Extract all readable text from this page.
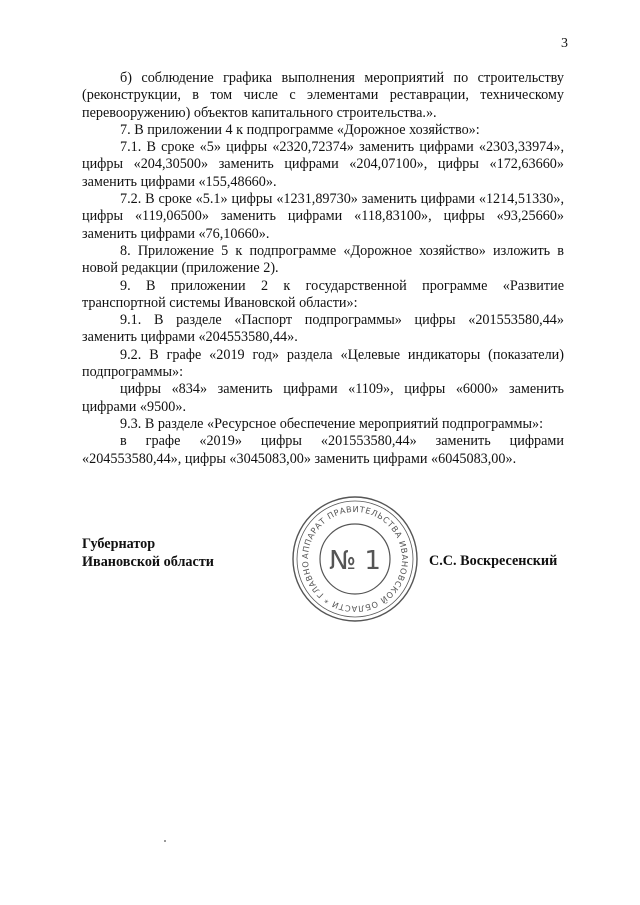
3

б) соблюдение графика выполнения мероприятий по строительству (реконструкции, в том числе с элементами реставрации, техническому перевооружению) объектов капитального строительства.».

7. В приложении 4 к подпрограмме «Дорожное хозяйство»:

7.1. В сроке «5» цифры «2320,72374» заменить цифрами «2303,33974», цифры «204,30500» заменить цифрами «204,07100», цифры «172,63660» заменить цифрами «155,48660».

7.2. В сроке «5.1» цифры «1231,89730» заменить цифрами «1214,51330», цифры «119,06500» заменить цифрами «118,83100», цифры «93,25660» заменить цифрами «76,10660».

8. Приложение 5 к подпрограмме «Дорожное хозяйство» изложить в новой редакции (приложение 2).

9. В приложении 2 к государственной программе «Развитие транспортной системы Ивановской области»:

9.1. В разделе «Паспорт подпрограммы» цифры «201553580,44» заменить цифрами «204553580,44».

9.2. В графе «2019 год» раздела «Целевые индикаторы (показатели) подпрограммы»:

цифры «834» заменить цифрами «1109», цифры «6000» заменить цифрами «9500».

9.3. В разделе «Ресурсное обеспечение мероприятий подпрограммы»:

в графе «2019» цифры «201553580,44» заменить цифрами «204553580,44», цифры «3045083,00» заменить цифрами «6045083,00».

Губернатор
Ивановской области	АППАРАТ ПРАВИТЕЛЬСТВА ИВАНОВСКОЙ ОБЛАСТИ * ГЛАВНО № 1	С.С. Воскресенский
